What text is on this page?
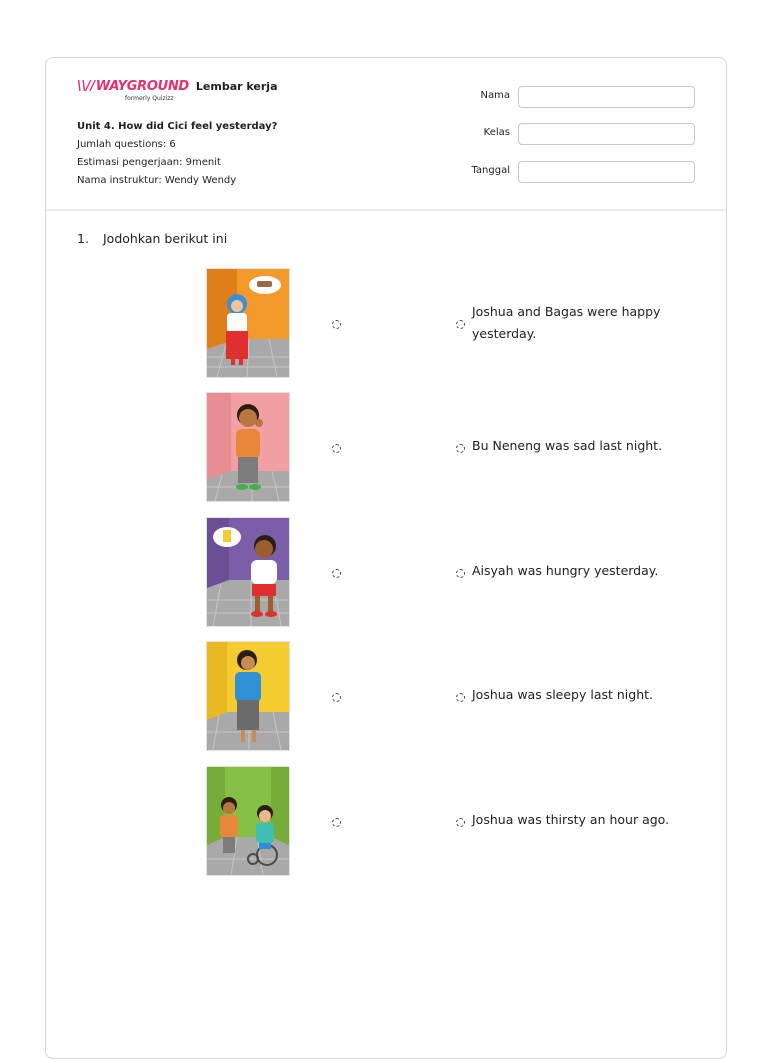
\\//WAYGROUND
formerly Quizizz
Lembar kerja
Unit 4. How did Cici feel yesterday?
Jumlah questions: 6
Estimasi pengerjaan: 9menit
Nama instruktur: Wendy Wendy
Nama
Kelas
Tanggal
1. Jodohkan berikut ini
Joshua and Bagas were happy yesterday.
Bu Neneng was sad last night.
Aisyah was hungry yesterday.
Joshua was sleepy last night.
Joshua was thirsty an hour ago.
